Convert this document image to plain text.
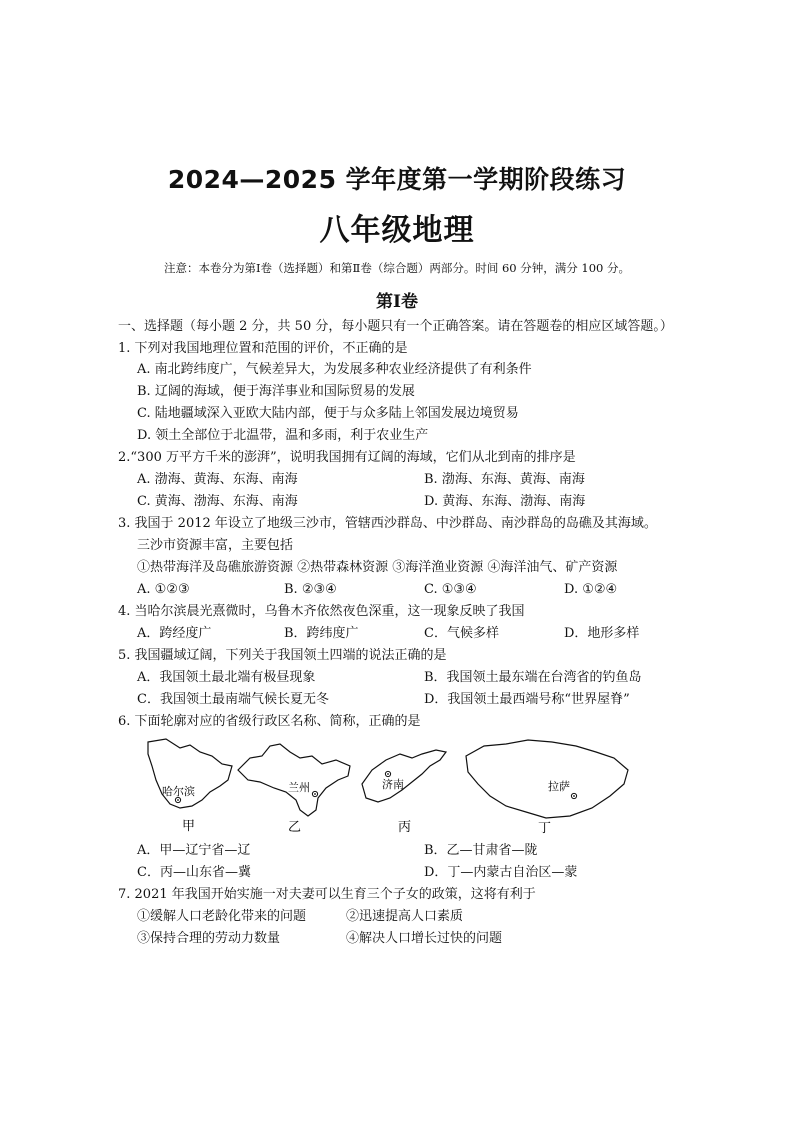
2024—2025 学年度第一学期阶段练习
八年级地理
注意：本卷分为第Ⅰ卷（选择题）和第Ⅱ卷（综合题）两部分。时间 60 分钟，满分 100 分。
第Ⅰ卷
一、选择题（每小题 2 分，共 50 分，每小题只有一个正确答案。请在答题卷的相应区域答题。）
1. 下列对我国地理位置和范围的评价，不正确的是
A. 南北跨纬度广，气候差异大，为发展多种农业经济提供了有利条件
B. 辽阔的海域，便于海洋事业和国际贸易的发展
C. 陆地疆域深入亚欧大陆内部，便于与众多陆上邻国发展边境贸易
D. 领土全部位于北温带，温和多雨，利于农业生产
2.“300 万平方千米的澎湃”，说明我国拥有辽阔的海域，它们从北到南的排序是
A. 渤海、黄海、东海、南海	B. 渤海、东海、黄海、南海
C. 黄海、渤海、东海、南海	D. 黄海、东海、渤海、南海
3. 我国于 2012 年设立了地级三沙市，管辖西沙群岛、中沙群岛、南沙群岛的岛礁及其海域。
三沙市资源丰富，主要包括
①热带海洋及岛礁旅游资源 ②热带森林资源 ③海洋渔业资源 ④海洋油气、矿产资源
A. ①②③	B. ②③④	C. ①③④	D. ①②④
4. 当哈尔滨晨光熹微时，乌鲁木齐依然夜色深重，这一现象反映了我国
A．跨经度广	B．跨纬度广	C．气候多样	D．地形多样
5. 我国疆域辽阔，下列关于我国领土四端的说法正确的是
A．我国领土最北端有极昼现象	B．我国领土最东端在台湾省的钓鱼岛
C．我国领土最南端气候长夏无冬	D．我国领土最西端号称“世界屋脊”
6. 下面轮廓对应的省级行政区名称、简称，正确的是
哈尔滨
甲
兰州
乙
济南
丙
拉萨
丁
A．甲—辽宁省—辽	B．乙—甘肃省—陇
C．丙—山东省—冀	D．丁—内蒙古自治区—蒙
7. 2021 年我国开始实施一对夫妻可以生育三个子女的政策，这将有利于
①缓解人口老龄化带来的问题	②迅速提高人口素质
③保持合理的劳动力数量	④解决人口增长过快的问题
